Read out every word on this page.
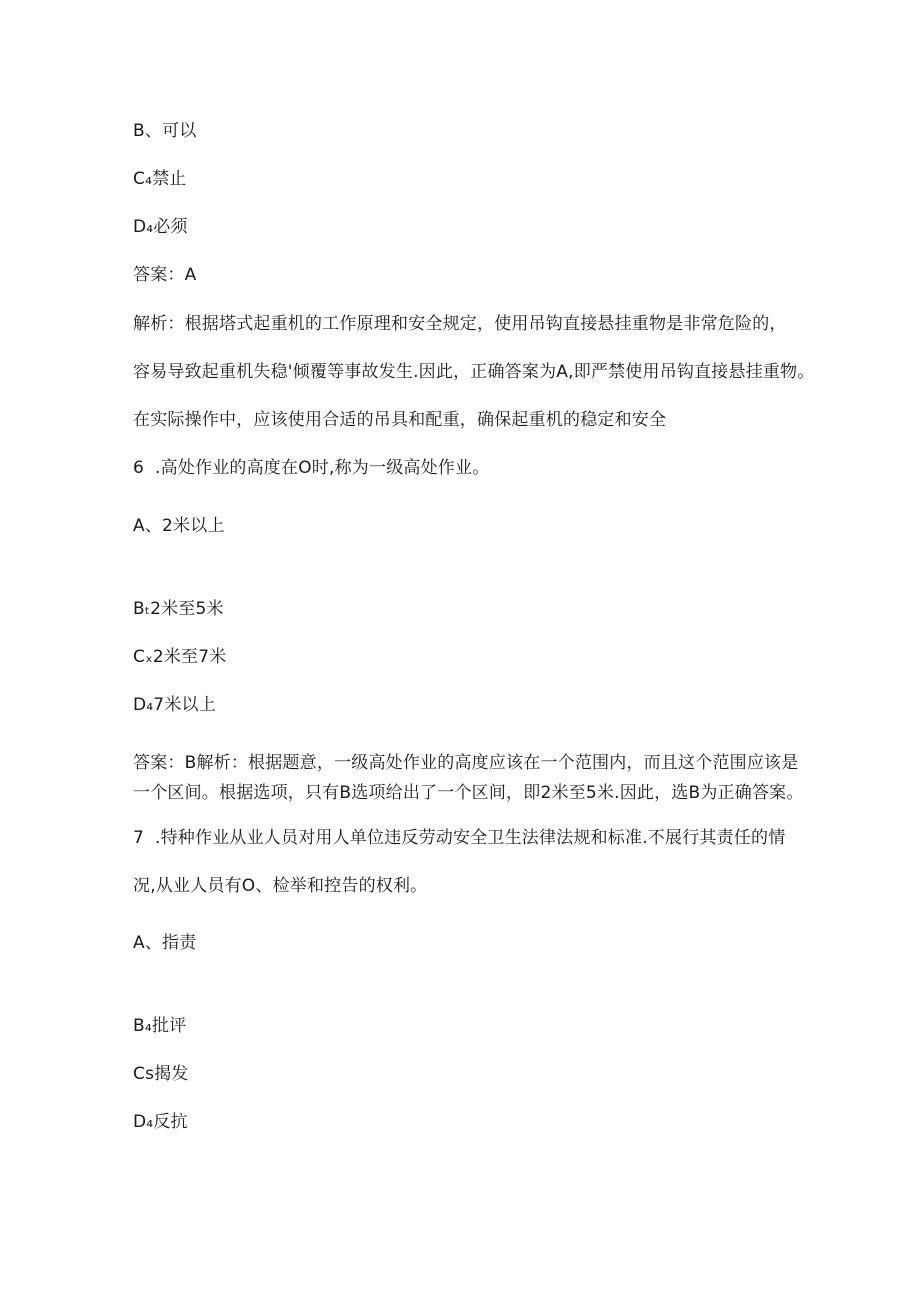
B、可以
C₄禁止
D₄必须
答案：A
解析：根据塔式起重机的工作原理和安全规定，使用吊钩直接悬挂重物是非常危险的，
容易导致起重机失稳'倾覆等事故发生.因此，正确答案为A,即严禁使用吊钩直接悬挂重物。
在实际操作中，应该使用合适的吊具和配重，确保起重机的稳定和安全
6 .高处作业的高度在O时,称为一级高处作业。
A、2米以上
Bₜ2米至5米
Cₓ2米至7米
D₄7米以上
答案：B解析：根据题意，一级高处作业的高度应该在一个范围内，而且这个范围应该是
一个区间。根据选项，只有B选项给出了一个区间，即2米至5米.因此，选B为正确答案。
7 .特种作业从业人员对用人单位违反劳动安全卫生法律法规和标准.不展行其责任的情
况,从业人员有O、检举和控告的权利。
A、指责
B₄批评
Cs揭发
D₄反抗
